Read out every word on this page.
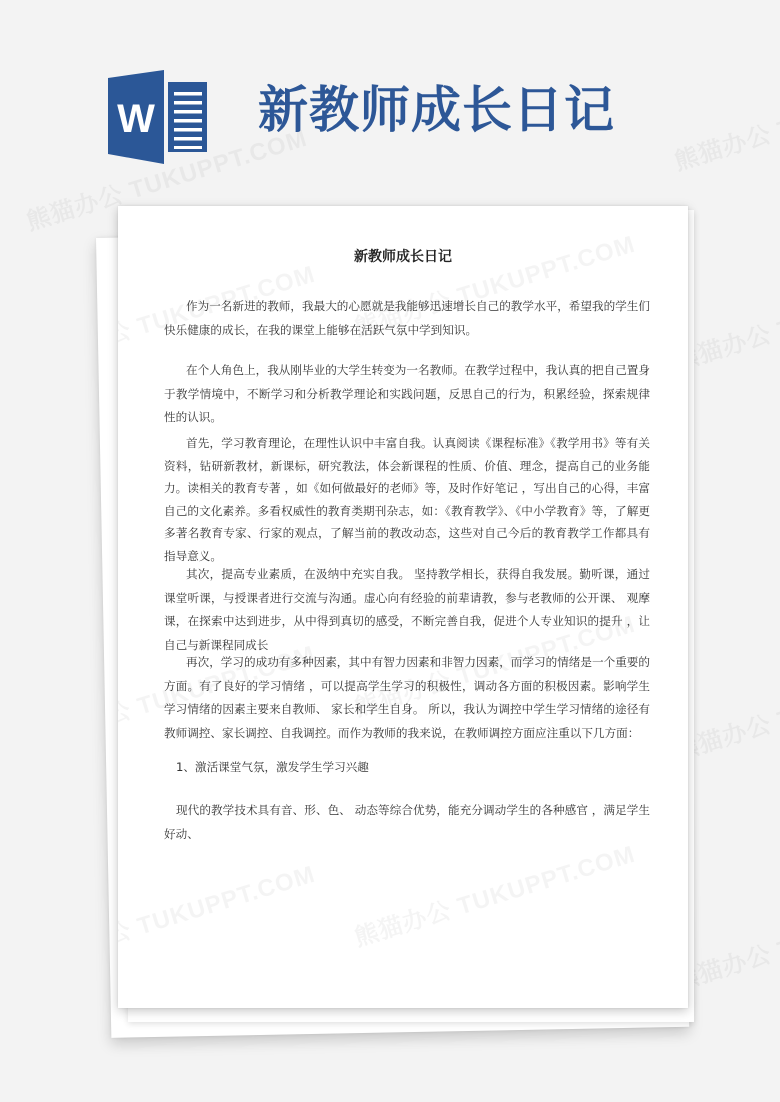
W 新教师成长日记
新教师成长日记

作为一名新进的教师，我最大的心愿就是我能够迅速增长自己的教学水平，希望我的学生们快乐健康的成长，在我的课堂上能够在活跃气氛中学到知识。

在个人角色上，我从刚毕业的大学生转变为一名教师。在教学过程中，我认真的把自己置身于教学情境中，不断学习和分析教学理论和实践问题，反思自己的行为，积累经验，探索规律性的认识。

首先，学习教育理论，在理性认识中丰富自我。认真阅读《课程标准》《教学用书》等有关资料，钻研新教材，新课标，研究教法，体会新课程的性质、价值、理念，提高自己的业务能力。读相关的教育专著 ，如《如何做最好的老师》等，及时作好笔记 ，写出自己的心得，丰富自己的文化素养。多看权威性的教育类期刊杂志，如：《教育教学》、《中小学教育》等，了解更多著名教育专家、行家的观点，了解当前的教改动态，这些对自己今后的教育教学工作都具有指导意义。

其次，提高专业素质，在汲纳中充实自我。 坚持教学相长，获得自我发展。勤听课，通过课堂听课，与授课者进行交流与沟通。虚心向有经验的前辈请教，参与老教师的公开课、 观摩课，在探索中达到进步，从中得到真切的感受，不断完善自我，促进个人专业知识的提升 ，让自己与新课程同成长

再次，学习的成功有多种因素，其中有智力因素和非智力因素，而学习的情绪是一个重要的方面。有了良好的学习情绪 ，可以提高学生学习的积极性，调动各方面的积极因素。影响学生学习情绪的因素主要来自教师、 家长和学生自身。 所以，我认为调控中学生学习情绪的途径有教师调控、家长调控、自我调控。而作为教师的我来说，在教师调控方面应注重以下几方面：

1、激活课堂气氛，激发学生学习兴趣

现代的教学技术具有音、形、色、 动态等综合优势，能充分调动学生的各种感官 ，满足学生好动、
